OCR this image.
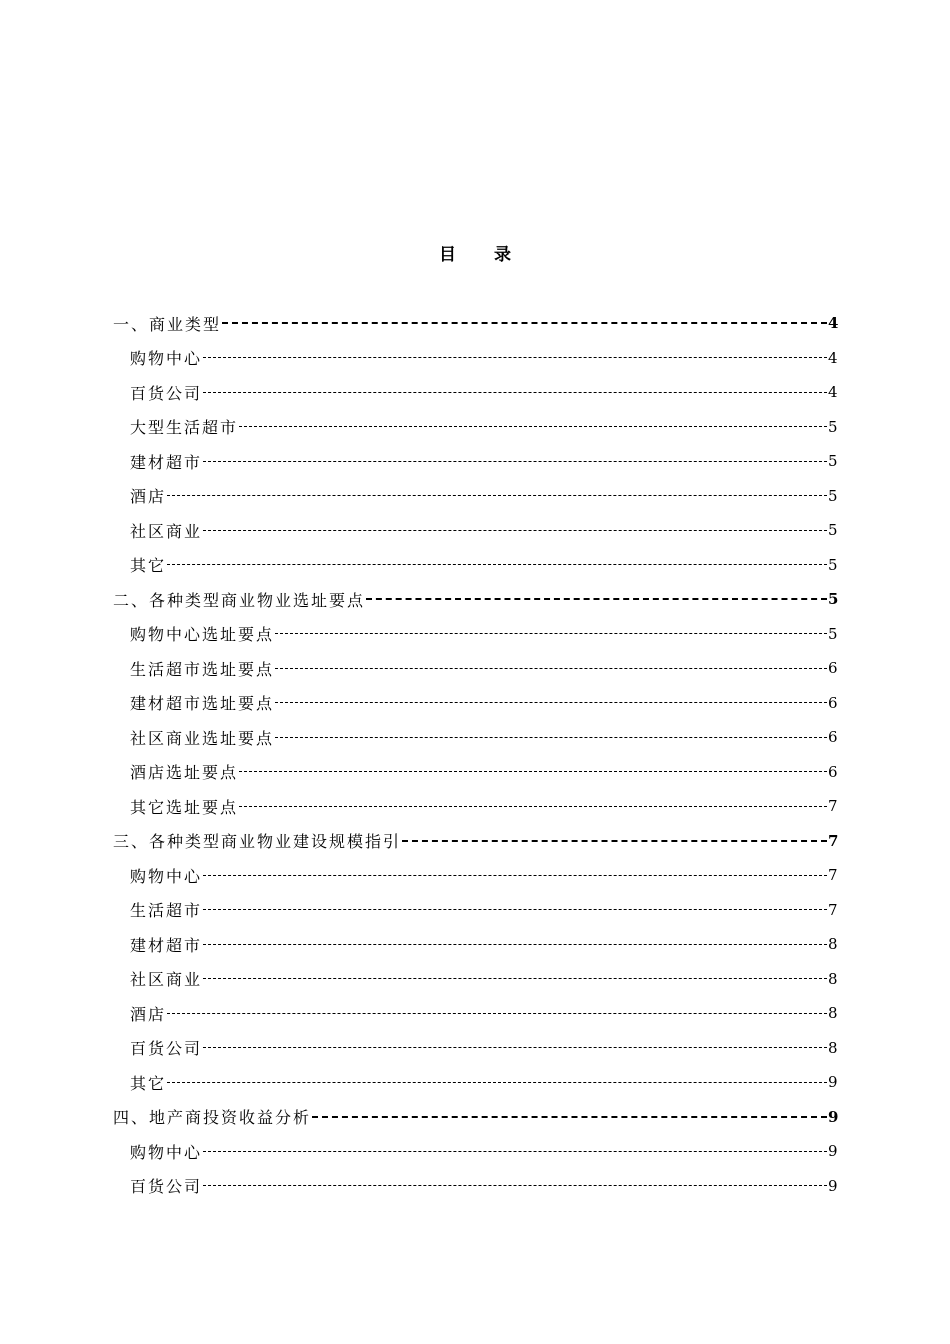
目录
一、商业类型	4
购物中心	4
百货公司	4
大型生活超市	5
建材超市	5
酒店	5
社区商业	5
其它	5
二、各种类型商业物业选址要点	5
购物中心选址要点	5
生活超市选址要点	6
建材超市选址要点	6
社区商业选址要点	6
酒店选址要点	6
其它选址要点	7
三、各种类型商业物业建设规模指引	7
购物中心	7
生活超市	7
建材超市	8
社区商业	8
酒店	8
百货公司	8
其它	9
四、地产商投资收益分析	9
购物中心	9
百货公司	9
